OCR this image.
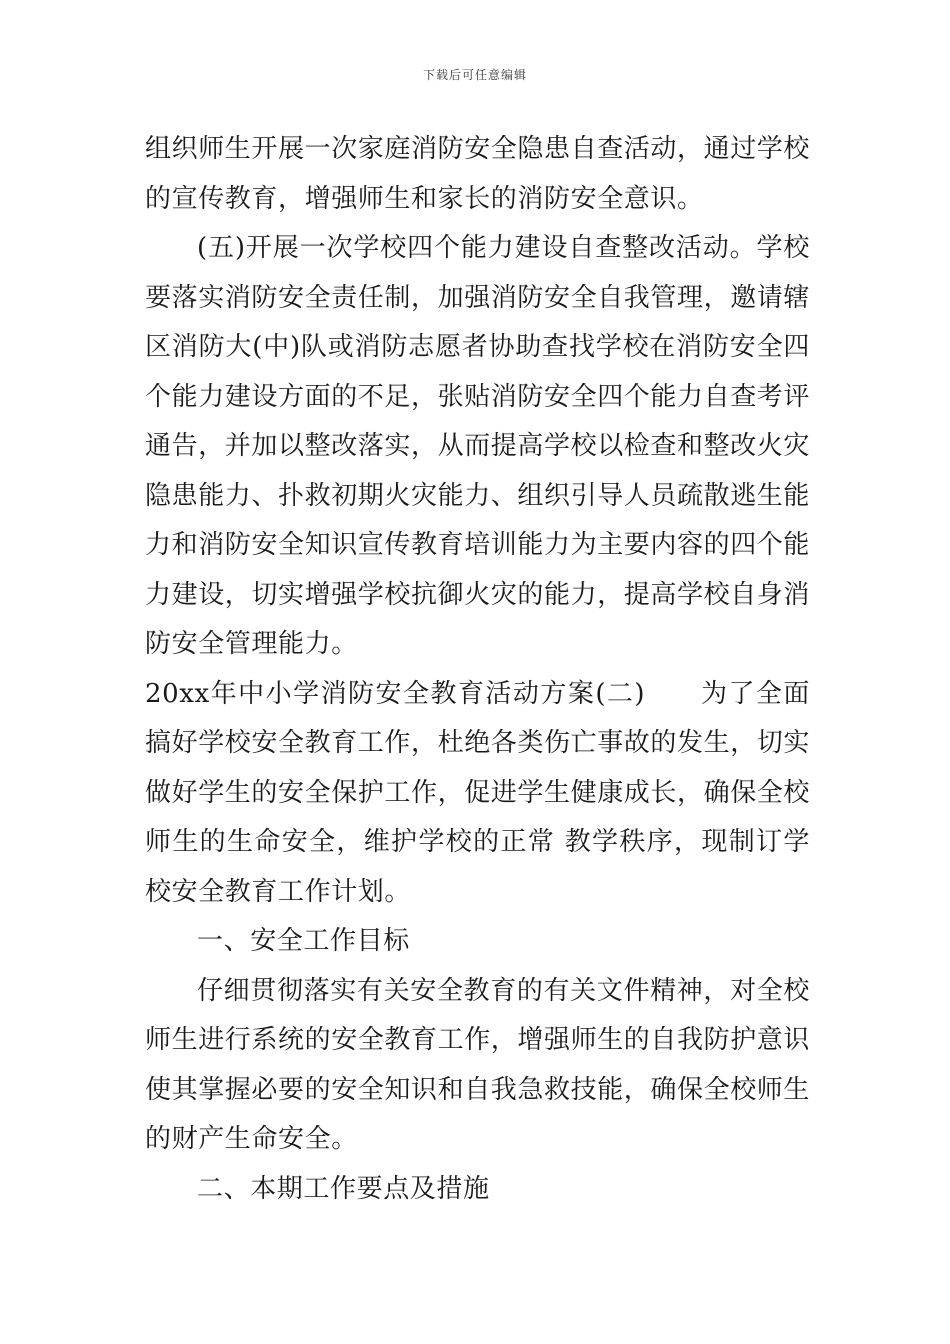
下载后可任意编辑

组织师生开展一次家庭消防安全隐患自查活动，通过学校的宣传教育，增强师生和家长的消防安全意识。

(五)开展一次学校四个能力建设自查整改活动。学校要落实消防安全责任制，加强消防安全自我管理，邀请辖区消防大(中)队或消防志愿者协助查找学校在消防安全四个能力建设方面的不足，张贴消防安全四个能力自查考评通告，并加以整改落实，从而提高学校以检查和整改火灾隐患能力、扑救初期火灾能力、组织引导人员疏散逃生能力和消防安全知识宣传教育培训能力为主要内容的四个能力建设，切实增强学校抗御火灾的能力，提高学校自身消防安全管理能力。

20xx年中小学消防安全教育活动方案(二)　　为了全面搞好学校安全教育工作，杜绝各类伤亡事故的发生，切实做好学生的安全保护工作，促进学生健康成长，确保全校师生的生命安全，维护学校的正常 教学秩序，现制订学校安全教育工作计划。

一、安全工作目标

仔细贯彻落实有关安全教育的有关文件精神，对全校师生进行系统的安全教育工作，增强师生的自我防护意识使其掌握必要的安全知识和自我急救技能，确保全校师生的财产生命安全。

二、本期工作要点及措施
